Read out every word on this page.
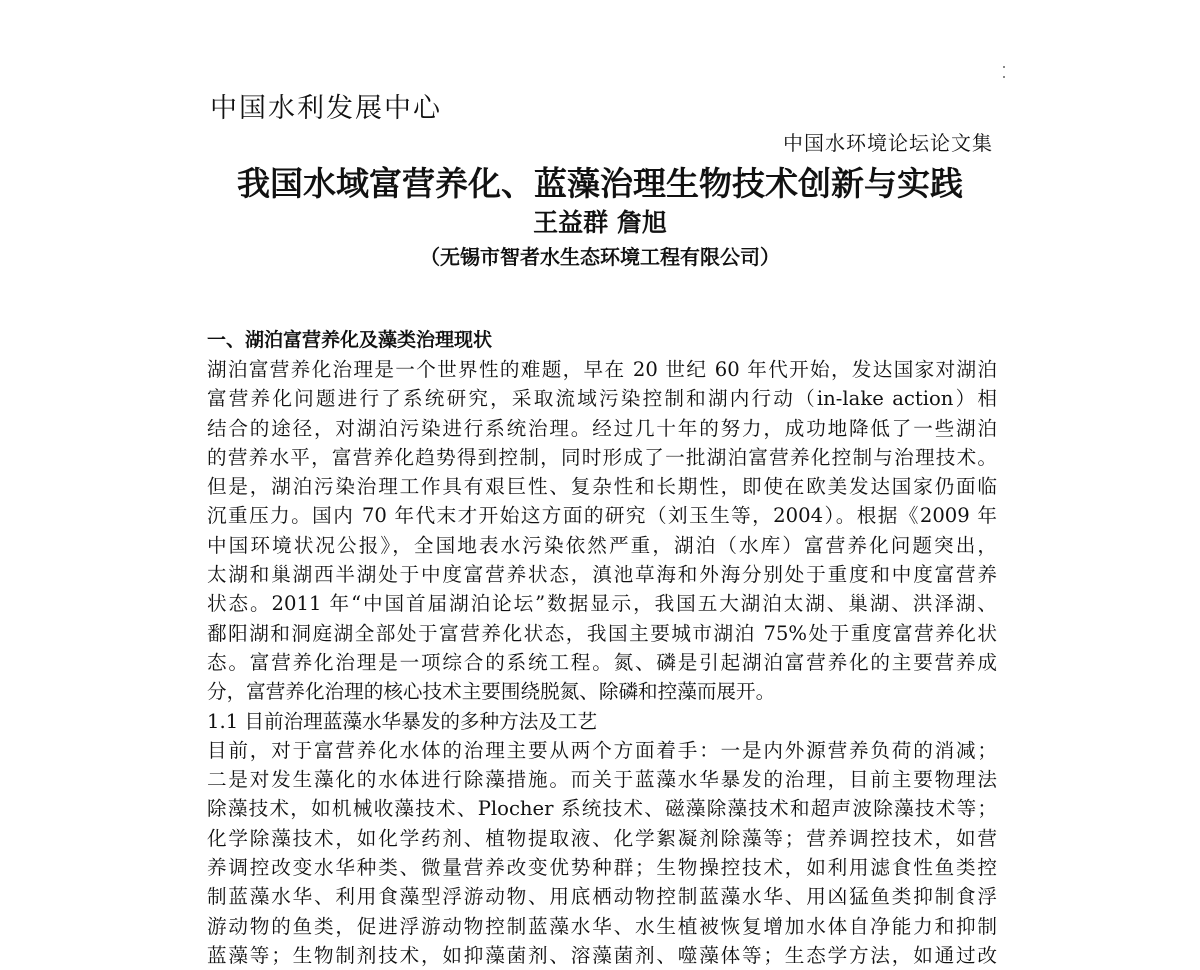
中国水利发展中心
中国水环境论坛论文集
我国水域富营养化、蓝藻治理生物技术创新与实践
王益群 詹旭
（无锡市智者水生态环境工程有限公司）
一、湖泊富营养化及藻类治理现状
湖泊富营养化治理是一个世界性的难题，早在 20 世纪 60 年代开始，发达国家对湖泊
富营养化问题进行了系统研究，采取流域污染控制和湖内行动（in-lake action）相
结合的途径，对湖泊污染进行系统治理。经过几十年的努力，成功地降低了一些湖泊
的营养水平，富营养化趋势得到控制，同时形成了一批湖泊富营养化控制与治理技术。
但是，湖泊污染治理工作具有艰巨性、复杂性和长期性，即使在欧美发达国家仍面临
沉重压力。国内 70 年代末才开始这方面的研究（刘玉生等，2004）。根据《2009 年
中国环境状况公报》，全国地表水污染依然严重，湖泊（水库）富营养化问题突出，
太湖和巢湖西半湖处于中度富营养状态，滇池草海和外海分别处于重度和中度富营养
状态。2011 年“中国首届湖泊论坛”数据显示，我国五大湖泊太湖、巢湖、洪泽湖、
鄱阳湖和洞庭湖全部处于富营养化状态，我国主要城市湖泊 75%处于重度富营养化状
态。富营养化治理是一项综合的系统工程。氮、磷是引起湖泊富营养化的主要营养成
分，富营养化治理的核心技术主要围绕脱氮、除磷和控藻而展开。
1.1 目前治理蓝藻水华暴发的多种方法及工艺
目前，对于富营养化水体的治理主要从两个方面着手：一是内外源营养负荷的消减；
二是对发生藻化的水体进行除藻措施。而关于蓝藻水华暴发的治理，目前主要物理法
除藻技术，如机械收藻技术、Plocher 系统技术、磁藻除藻技术和超声波除藻技术等；
化学除藻技术，如化学药剂、植物提取液、化学絮凝剂除藻等；营养调控技术，如营
养调控改变水华种类、微量营养改变优势种群；生物操控技术，如利用滤食性鱼类控
制蓝藻水华、利用食藻型浮游动物、用底栖动物控制蓝藻水华、用凶猛鱼类抑制食浮
游动物的鱼类，促进浮游动物控制蓝藻水华、水生植被恢复增加水体自净能力和抑制
蓝藻等；生物制剂技术，如抑藻菌剂、溶藻菌剂、噬藻体等；生态学方法，如通过改
